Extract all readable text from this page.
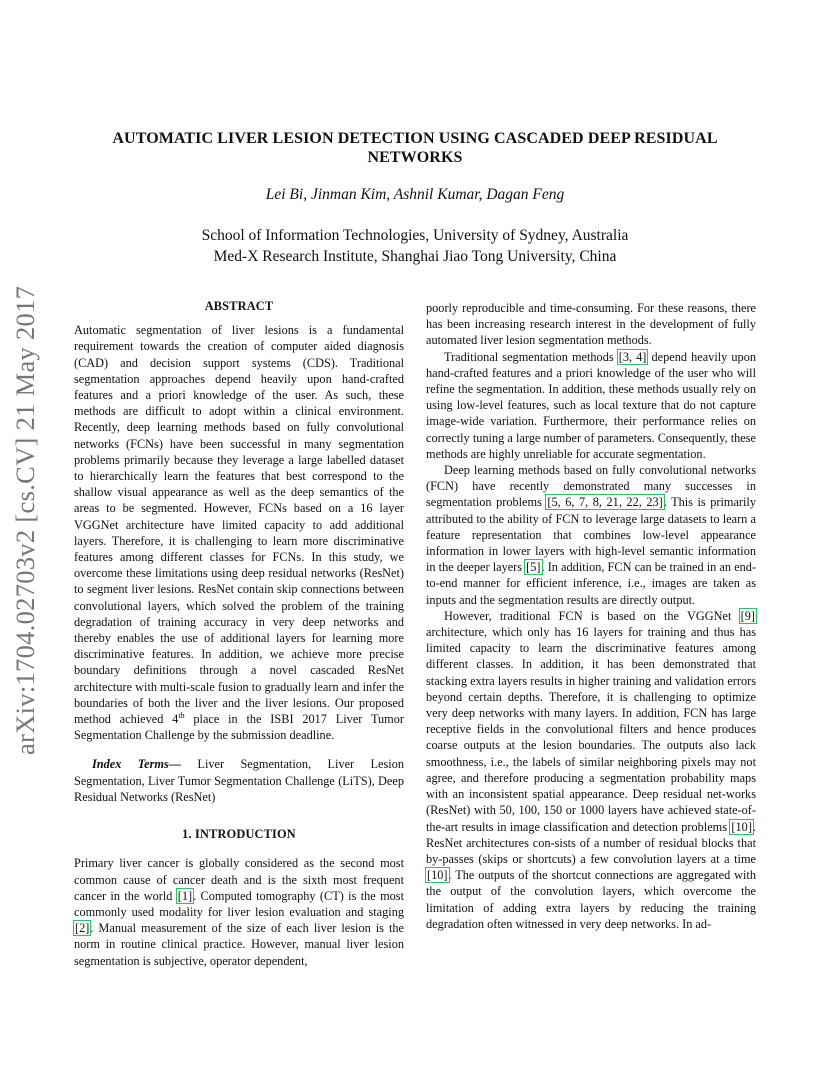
AUTOMATIC LIVER LESION DETECTION USING CASCADED DEEP RESIDUAL NETWORKS
Lei Bi, Jinman Kim, Ashnil Kumar, Dagan Feng
School of Information Technologies, University of Sydney, Australia
Med-X Research Institute, Shanghai Jiao Tong University, China
arXiv:1704.02703v2 [cs.CV] 21 May 2017	ABSTRACT

Automatic segmentation of liver lesions is a fundamental requirement towards the creation of computer aided diagnosis (CAD) and decision support systems (CDS). Traditional segmentation approaches depend heavily upon hand-crafted features and a priori knowledge of the user. As such, these methods are difficult to adopt within a clinical environment. Recently, deep learning methods based on fully convolutional networks (FCNs) have been successful in many segmentation problems primarily because they leverage a large labelled dataset to hierarchically learn the features that best correspond to the shallow visual appearance as well as the deep semantics of the areas to be segmented. However, FCNs based on a 16 layer VGGNet architecture have limited capacity to add additional layers. Therefore, it is challenging to learn more discriminative features among different classes for FCNs. In this study, we overcome these limitations using deep residual networks (ResNet) to segment liver lesions. ResNet contain skip connections between convolutional layers, which solved the problem of the training degradation of training accuracy in very deep networks and thereby enables the use of additional layers for learning more discriminative features. In addition, we achieve more precise boundary definitions through a novel cascaded ResNet architecture with multi-scale fusion to gradually learn and infer the boundaries of both the liver and the liver lesions. Our proposed method achieved 4th place in the ISBI 2017 Liver Tumor Segmentation Challenge by the submission deadline.

Index Terms— Liver Segmentation, Liver Lesion Segmentation, Liver Tumor Segmentation Challenge (LiTS), Deep Residual Networks (ResNet)

1. INTRODUCTION

Primary liver cancer is globally considered as the second most common cause of cancer death and is the sixth most frequent cancer in the world [1]. Computed tomography (CT) is the most commonly used modality for liver lesion evaluation and staging [2]. Manual measurement of the size of each liver lesion is the norm in routine clinical practice. However, manual liver lesion segmentation is subjective, operator dependent,

poorly reproducible and time-consuming. For these reasons, there has been increasing research interest in the development of fully automated liver lesion segmentation methods.

Traditional segmentation methods [3, 4] depend heavily upon hand-crafted features and a priori knowledge of the user who will refine the segmentation. In addition, these methods usually rely on using low-level features, such as local texture that do not capture image-wide variation. Furthermore, their performance relies on correctly tuning a large number of parameters. Consequently, these methods are highly unreliable for accurate segmentation.

Deep learning methods based on fully convolutional networks (FCN) have recently demonstrated many successes in segmentation problems [5, 6, 7, 8, 21, 22, 23]. This is primarily attributed to the ability of FCN to leverage large datasets to learn a feature representation that combines low-level appearance information in lower layers with high-level semantic information in the deeper layers [5]. In addition, FCN can be trained in an end-to-end manner for efficient inference, i.e., images are taken as inputs and the segmentation results are directly output.

However, traditional FCN is based on the VGGNet [9] architecture, which only has 16 layers for training and thus has limited capacity to learn the discriminative features among different classes. In addition, it has been demonstrated that stacking extra layers results in higher training and validation errors beyond certain depths. Therefore, it is challenging to optimize very deep networks with many layers. In addition, FCN has large receptive fields in the convolutional filters and hence produces coarse outputs at the lesion boundaries. The outputs also lack smoothness, i.e., the labels of similar neighboring pixels may not agree, and therefore producing a segmentation probability maps with an inconsistent spatial appearance. Deep residual net-works (ResNet) with 50, 100, 150 or 1000 layers have achieved state-of-the-art results in image classification and detection problems [10]. ResNet architectures con-sists of a number of residual blocks that by-passes (skips or shortcuts) a few convolution layers at a time [10]. The outputs of the shortcut connections are aggregated with the output of the convolution layers, which overcome the limitation of adding extra layers by reducing the training degradation often witnessed in very deep networks. In ad-
